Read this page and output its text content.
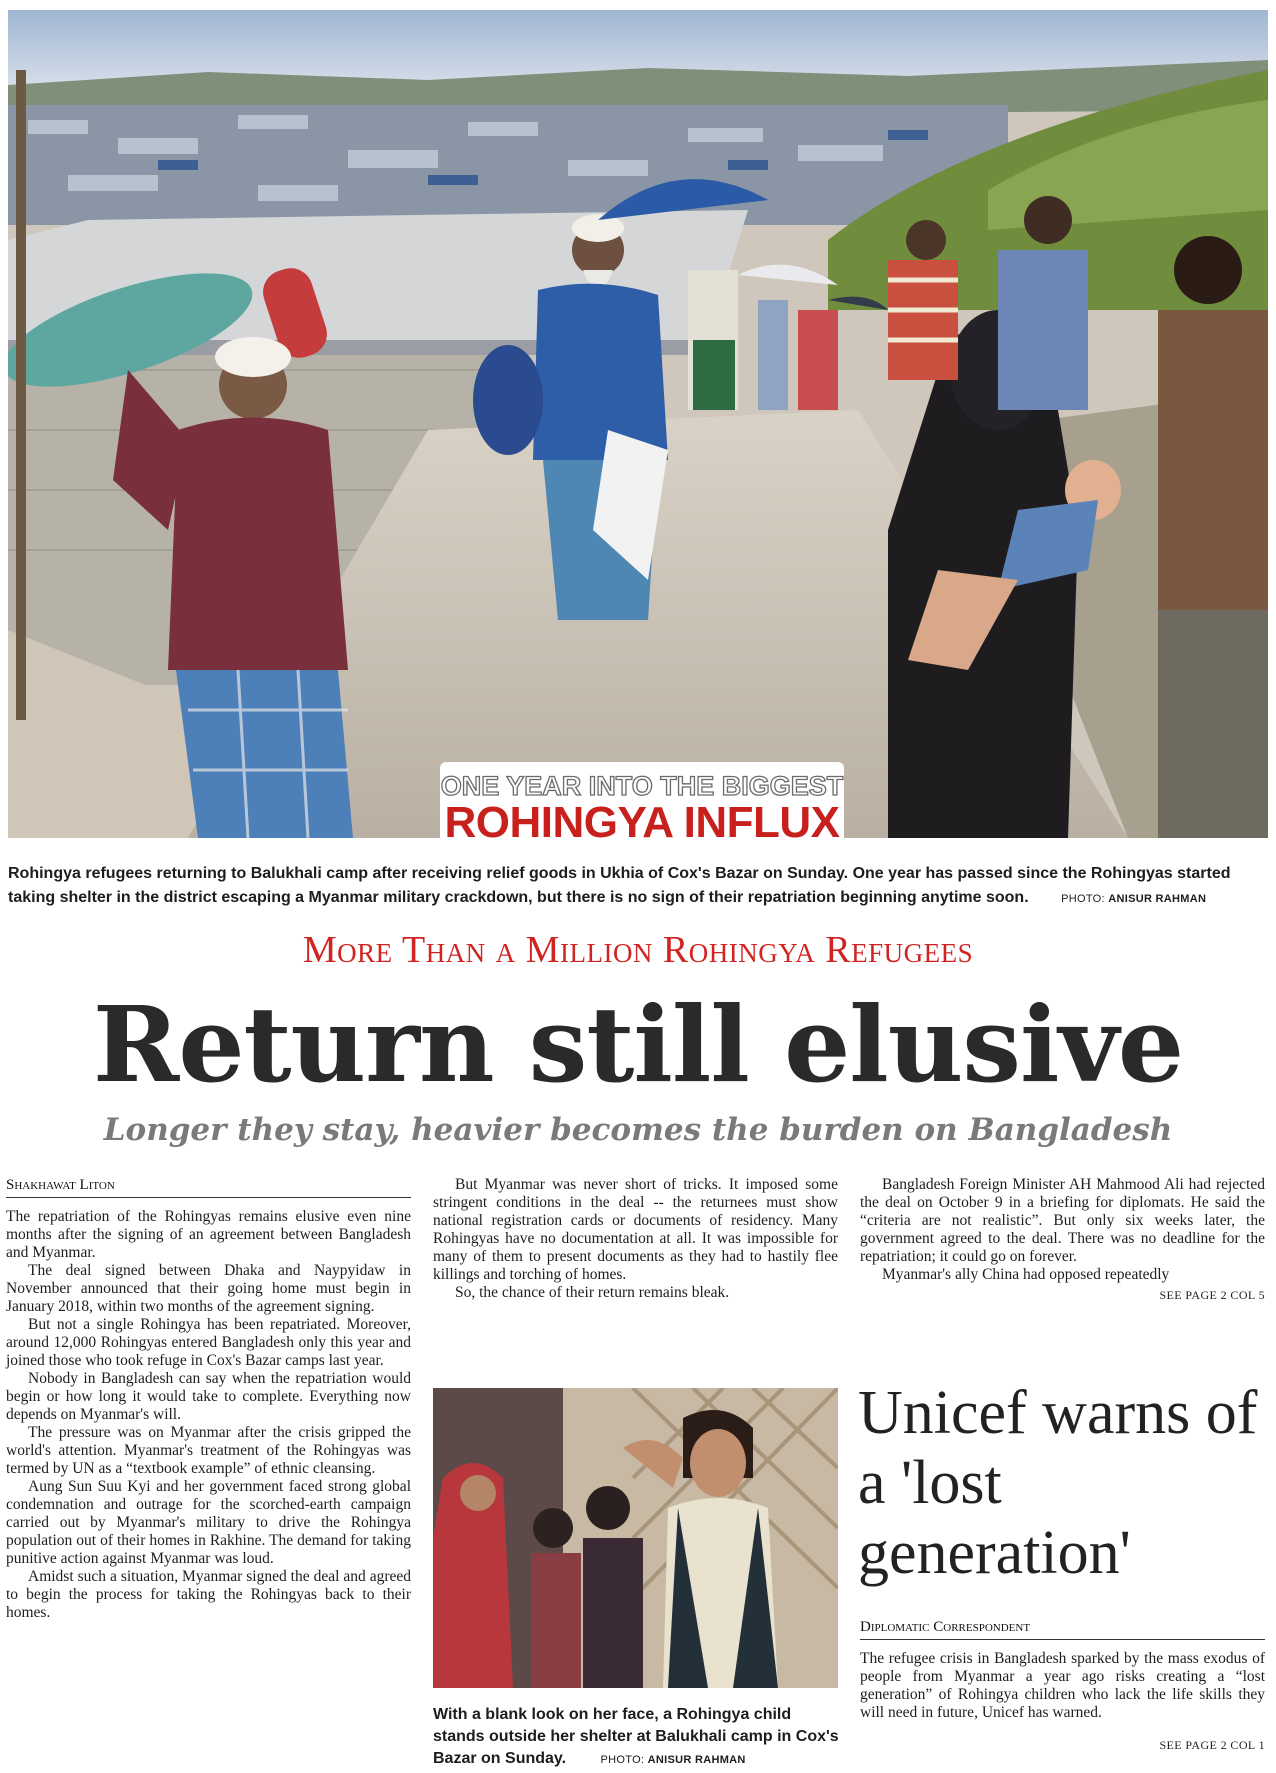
ONE YEAR INTO THE BIGGEST
ROHINGYA INFLUX
Rohingya refugees returning to Balukhali camp after receiving relief goods in Ukhia of Cox's Bazar on Sunday. One year has passed since the Rohingyas started taking shelter in the district escaping a Myanmar military crackdown, but there is no sign of their repatriation beginning anytime soon.	PHOTO: ANISUR RAHMAN
More Than a Million Rohingya Refugees
Return still elusive
Longer they stay, heavier becomes the burden on Bangladesh
Shakhawat Liton

The repatriation of the Rohingyas remains elusive even nine months after the signing of an agreement between Bangladesh and Myanmar.

The deal signed between Dhaka and Naypyidaw in November announced that their going home must begin in January 2018, within two months of the agreement signing.

But not a single Rohingya has been repatriated. Moreover, around 12,000 Rohingyas entered Bangladesh only this year and joined those who took refuge in Cox's Bazar camps last year.

Nobody in Bangladesh can say when the repatriation would begin or how long it would take to complete. Everything now depends on Myanmar's will.

The pressure was on Myanmar after the crisis gripped the world's attention. Myanmar's treatment of the Rohingyas was termed by UN as a “textbook example” of ethnic cleansing.

Aung Sun Suu Kyi and her government faced strong global condemnation and outrage for the scorched-earth campaign carried out by Myanmar's military to drive the Rohingya population out of their homes in Rakhine. The demand for taking punitive action against Myanmar was loud.

Amidst such a situation, Myanmar signed the deal and agreed to begin the process for taking the Rohingyas back to their homes.

But Myanmar was never short of tricks. It imposed some stringent conditions in the deal -- the returnees must show national registration cards or documents of residency. Many Rohingyas have no documentation at all. It was impossible for many of them to present documents as they had to hastily flee killings and torching of homes.

So, the chance of their return remains bleak.

Bangladesh Foreign Minister AH Mahmood Ali had rejected the deal on October 9 in a briefing for diplomats. He said the “criteria are not realistic”. But only six weeks later, the government agreed to the deal. There was no deadline for the repatriation; it could go on forever.

Myanmar's ally China had opposed repeatedly

SEE PAGE 2 COL 5
With a blank look on her face, a Rohingya child stands outside her shelter at Balukhali camp in Cox's Bazar on Sunday.	PHOTO: ANISUR RAHMAN
Unicef warns of a 'lost generation'
Diplomatic Correspondent

The refugee crisis in Bangladesh sparked by the mass exodus of people from Myanmar a year ago risks creating a “lost generation” of Rohingya children who lack the life skills they will need in future, Unicef has warned.

SEE PAGE 2 COL 1
